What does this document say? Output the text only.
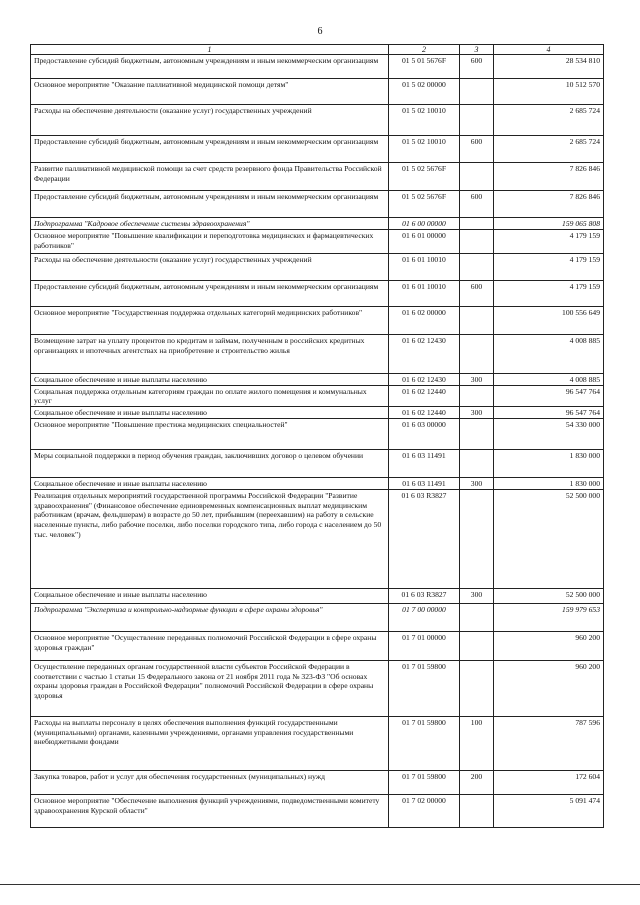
6
1	2	3	4
Предоставление субсидий бюджетным, автономным учреждениям и иным некоммерческим организациям	01 5 01 5676F	600	28 534 810
Основное мероприятие "Оказание паллиативной медицинской помощи детям"	01 5 02 00000		10 512 570
Расходы на обеспечение деятельности (оказание услуг) государственных учреждений	01 5 02 10010		2 685 724
Предоставление субсидий бюджетным, автономным учреждениям и иным некоммерческим организациям	01 5 02 10010	600	2 685 724
Развитие паллиативной медицинской помощи за счет средств резервного фонда Правительства Российской Федерации	01 5 02 5676F		7 826 846
Предоставление субсидий бюджетным, автономным учреждениям и иным некоммерческим организациям	01 5 02 5676F	600	7 826 846
Подпрограмма "Кадровое обеспечение системы здравоохранения"	01 6 00 00000		159 065 808
Основное мероприятие "Повышение квалификации и переподготовка медицинских и фармацевтических работников"	01 6 01 00000		4 179 159
Расходы на обеспечение деятельности (оказание услуг) государственных учреждений	01 6 01 10010		4 179 159
Предоставление субсидий бюджетным, автономным учреждениям и иным некоммерческим организациям	01 6 01 10010	600	4 179 159
Основное мероприятие "Государственная поддержка отдельных категорий медицинских работников"	01 6 02 00000		100 556 649
Возмещение затрат на уплату процентов по кредитам и займам, полученным в российских кредитных организациях и ипотечных агентствах на приобретение и строительство жилья	01 6 02 12430		4 008 885
Социальное обеспечение и иные выплаты населению	01 6 02 12430	300	4 008 885
Социальная поддержка отдельным категориям граждан по оплате жилого помещения и коммунальных услуг	01 6 02 12440		96 547 764
Социальное обеспечение и иные выплаты населению	01 6 02 12440	300	96 547 764
Основное мероприятие "Повышение престижа медицинских специальностей"	01 6 03 00000		54 330 000
Меры социальной поддержки в период обучения граждан, заключивших договор о целевом обучении	01 6 03 11491		1 830 000
Социальное обеспечение и иные выплаты населению	01 6 03 11491	300	1 830 000
Реализация отдельных мероприятий государственной программы Российской Федерации "Развитие здравоохранения" (Финансовое обеспечение единовременных компенсационных выплат медицинским работникам (врачам, фельдшерам) в возрасте до 50 лет, прибывшим (переехавшим) на работу в сельские населенные пункты, либо рабочие поселки, либо поселки городского типа, либо города с населением до 50 тыс. человек")	01 6 03 R3827		52 500 000
Социальное обеспечение и иные выплаты населению	01 6 03 R3827	300	52 500 000
Подпрограмма "Экспертиза и контрольно-надзорные функции в сфере охраны здоровья"	01 7 00 00000		159 979 653
Основное мероприятие "Осуществление переданных полномочий Российской Федерации в сфере охраны здоровья граждан"	01 7 01 00000		960 200
Осуществление переданных органам государственной власти субъектов Российской Федерации в соответствии с частью 1 статьи 15 Федерального закона от 21 ноября 2011 года № 323-ФЗ "Об основах охраны здоровья граждан в Российской Федерации" полномочий Российской Федерации в сфере охраны здоровья	01 7 01 59800		960 200
Расходы на выплаты персоналу в целях обеспечения выполнения функций государственными (муниципальными) органами, казенными учреждениями, органами управления государственными внебюджетными фондами	01 7 01 59800	100	787 596
Закупка товаров, работ и услуг для обеспечения государственных (муниципальных) нужд	01 7 01 59800	200	172 604
Основное мероприятие "Обеспечение выполнения функций учреждениями, подведомственными комитету здравоохранения Курской области"	01 7 02 00000		5 091 474
